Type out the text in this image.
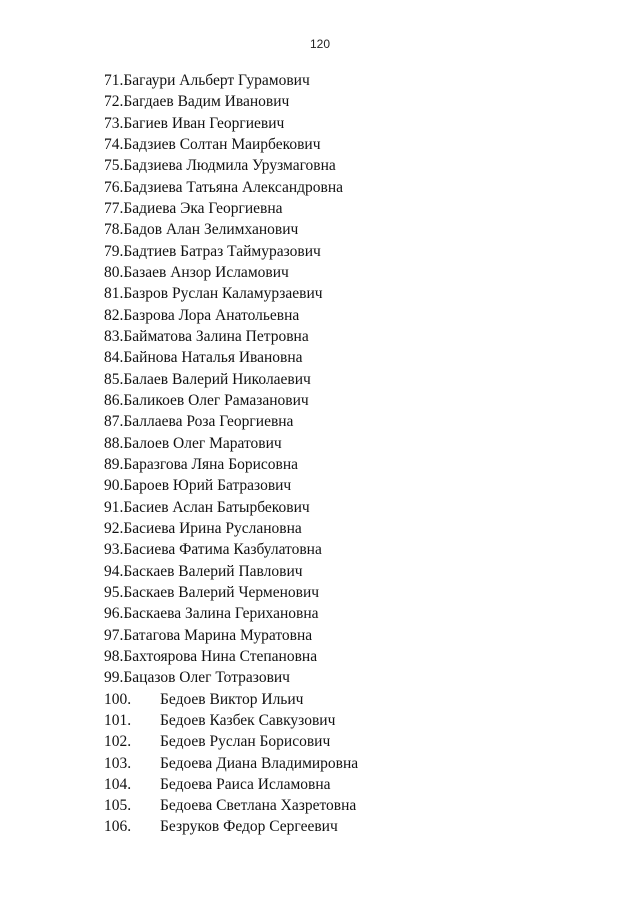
120
71. Багаури Альберт Гурамович
72. Багдаев Вадим Иванович
73. Багиев Иван Георгиевич
74. Бадзиев Солтан Маирбекович
75. Бадзиева Людмила Урузмаговна
76. Бадзиева Татьяна Александровна
77. Бадиева Эка Георгиевна
78. Бадов Алан Зелимханович
79. Бадтиев Батраз Таймуразович
80. Базаев Анзор Исламович
81. Базров Руслан Каламурзаевич
82. Базрова Лора Анатольевна
83. Байматова Залина Петровна
84. Байнова Наталья Ивановна
85. Балаев Валерий Николаевич
86. Баликоев Олег Рамазанович
87. Баллаева Роза Георгиевна
88. Балоев Олег Маратович
89. Баразгова Ляна Борисовна
90. Бароев Юрий Батразович
91. Басиев Аслан Батырбекович
92. Басиева Ирина Руслановна
93. Басиева Фатима Казбулатовна
94. Баскаев Валерий Павлович
95. Баскаев Валерий Черменович
96. Баскаева Залина Гериханoвна
97. Батагова Марина Муратовна
98. Бахтоярова Нина Степановна
99. Бацазов Олег Тотразович
100.	Бедоев Виктор Ильич
101.	Бедоев Казбек Савкузович
102.	Бедоев Руслан Борисович
103.	Бедоева Диана Владимировна
104.	Бедоева Раиса Исламовна
105.	Бедоева Светлана Хазретовна
106.	Безруков Федор Сергеевич
